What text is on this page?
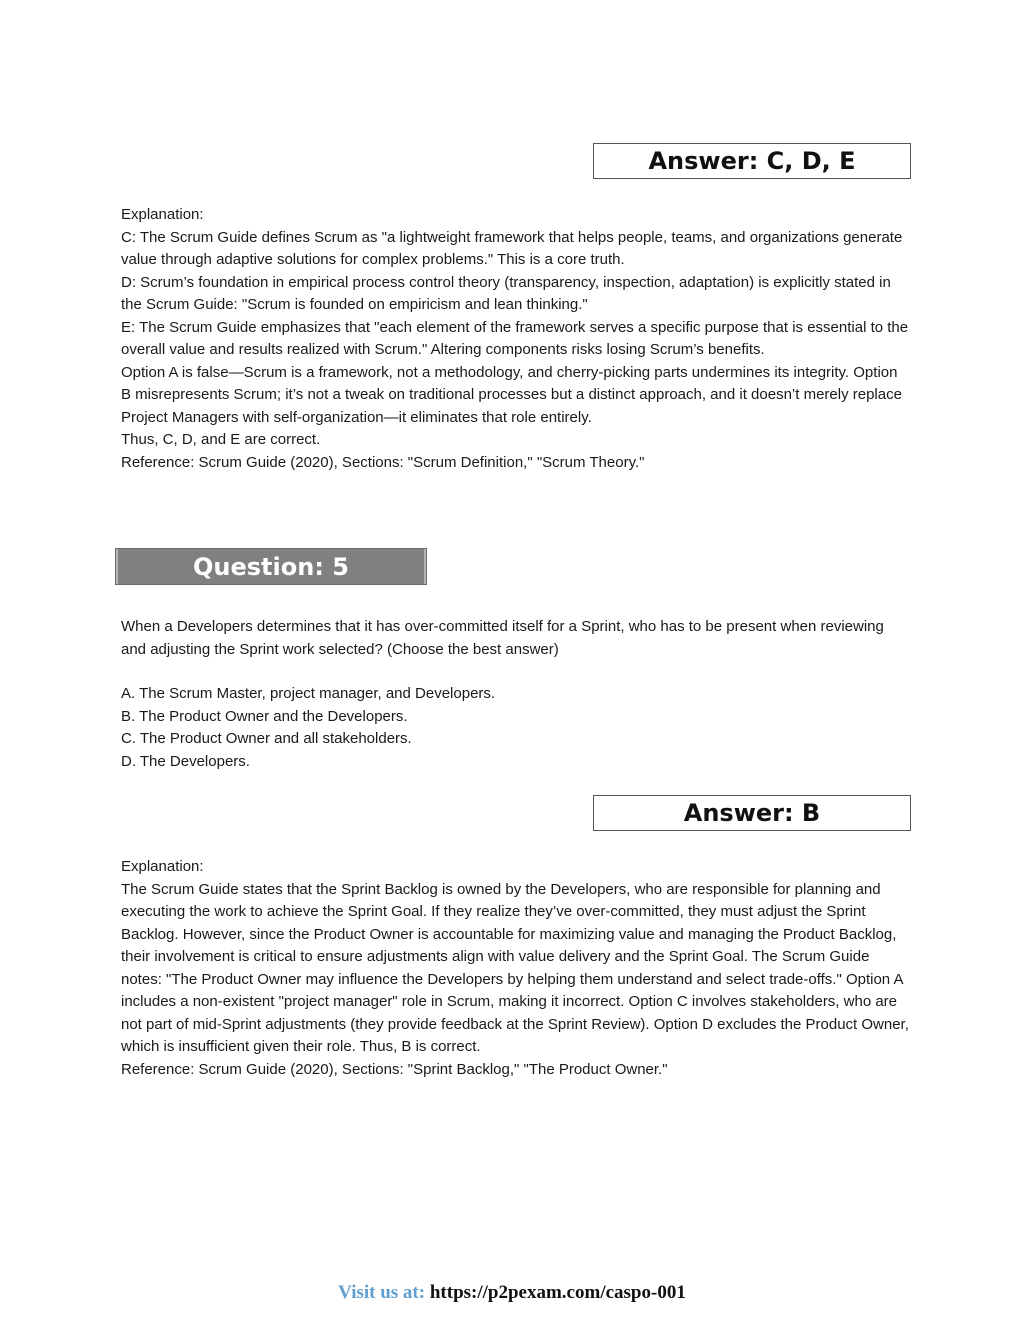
Answer: C, D, E

Explanation:

C: The Scrum Guide defines Scrum as "a lightweight framework that helps people, teams, and organizations generate value through adaptive solutions for complex problems." This is a core truth.

D: Scrum’s foundation in empirical process control theory (transparency, inspection, adaptation) is explicitly stated in the Scrum Guide: "Scrum is founded on empiricism and lean thinking."

E: The Scrum Guide emphasizes that "each element of the framework serves a specific purpose that is essential to the overall value and results realized with Scrum." Altering components risks losing Scrum’s benefits.

Option A is false—Scrum is a framework, not a methodology, and cherry-picking parts undermines its integrity. Option B misrepresents Scrum; it’s not a tweak on traditional processes but a distinct approach, and it doesn’t merely replace Project Managers with self-organization—it eliminates that role entirely.

Thus, C, D, and E are correct.

Reference: Scrum Guide (2020), Sections: "Scrum Definition," "Scrum Theory."

Question: 5

When a Developers determines that it has over-committed itself for a Sprint, who has to be present when reviewing and adjusting the Sprint work selected? (Choose the best answer)

A. The Scrum Master, project manager, and Developers.

B. The Product Owner and the Developers.

C. The Product Owner and all stakeholders.

D. The Developers.

Answer: B

Explanation:

The Scrum Guide states that the Sprint Backlog is owned by the Developers, who are responsible for planning and executing the work to achieve the Sprint Goal. If they realize they’ve over-committed, they must adjust the Sprint Backlog. However, since the Product Owner is accountable for maximizing value and managing the Product Backlog, their involvement is critical to ensure adjustments align with value delivery and the Sprint Goal. The Scrum Guide notes: "The Product Owner may influence the Developers by helping them understand and select trade-offs." Option A includes a non-existent "project manager" role in Scrum, making it incorrect. Option C involves stakeholders, who are not part of mid-Sprint adjustments (they provide feedback at the Sprint Review). Option D excludes the Product Owner, which is insufficient given their role. Thus, B is correct.

Reference: Scrum Guide (2020), Sections: "Sprint Backlog," "The Product Owner."

Visit us at: https://p2pexam.com/caspo-001
